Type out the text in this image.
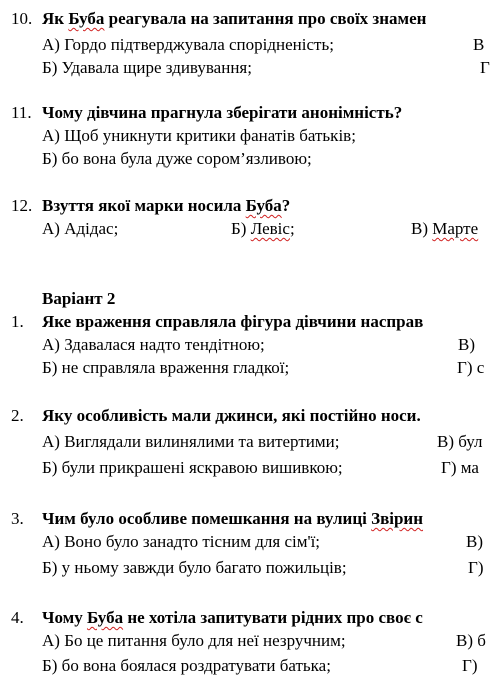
10. Як Буба реагувала на запитання про своїх знамен
А) Гордо підтверджувала спорідненість;	В
Б) Удавала щире здивування;	Г
11. Чому дівчина прагнула зберігати анонімність?
А) Щоб уникнути критики фанатів батьків;
Б) бо вона була дуже сором’язливою;
12. Взуття якої марки носила Буба?
А) Адідас;	Б) Левіс;	В) Марте
Варіант 2
1. Яке враження справляла фігура дівчини насправ
А) Здавалася надто тендітною;	В)
Б) не справляла враження гладкої;	Г) с
2. Яку особливість мали джинси, які постійно носи.
А) Виглядали вилинялими та витертими;	В) бул
Б) були прикрашені яскравою вишивкою;	Г) ма
3. Чим було особливе помешкання на вулиці Звірин
А) Воно було занадто тісним для сім'ї;	В)
Б) у ньому завжди було багато пожильців;	Г)
4. Чому Буба не хотіла запитувати рідних про своє с
А) Бо це питання було для неї незручним;	В) б
Б) бо вона боялася роздратувати батька;	Г)
